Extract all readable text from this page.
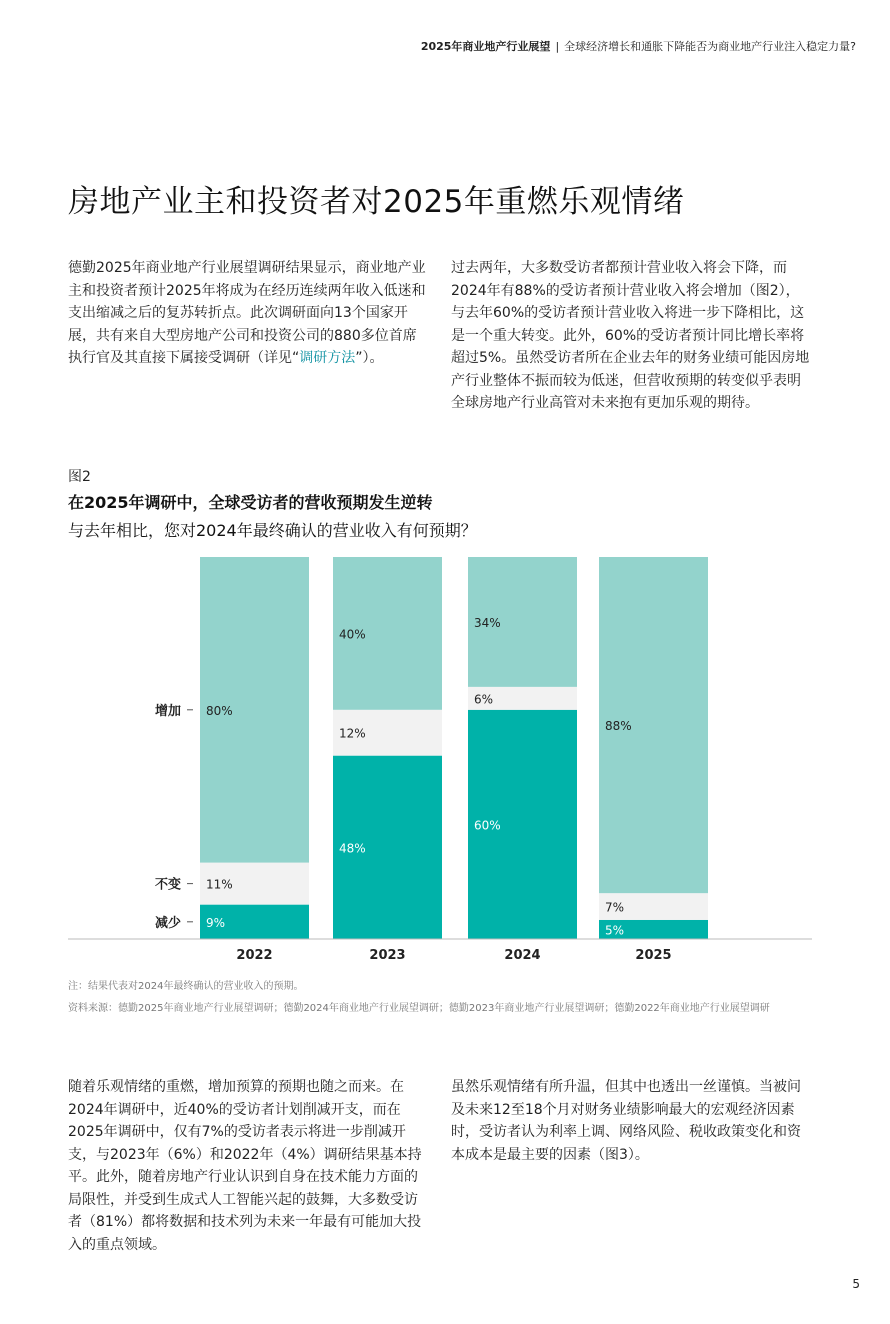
2025年商业地产行业展望 | 全球经济增长和通胀下降能否为商业地产行业注入稳定力量?
房地产业主和投资者对2025年重燃乐观情绪

德勤2025年商业地产行业展望调研结果显示，商业地产业主和投资者预计2025年将成为在经历连续两年收入低迷和支出缩减之后的复苏转折点。此次调研面向13个国家开展，共有来自大型房地产公司和投资公司的880多位首席执行官及其直接下属接受调研（详见“调研方法”）。

过去两年，大多数受访者都预计营业收入将会下降，而2024年有88%的受访者预计营业收入将会增加（图2），与去年60%的受访者预计营业收入将进一步下降相比，这是一个重大转变。此外，60%的受访者预计同比增长率将超过5%。虽然受访者所在企业去年的财务业绩可能因房地产行业整体不振而较为低迷，但营收预期的转变似乎表明全球房地产行业高管对未来抱有更加乐观的期待。

图2
在2025年调研中，全球受访者的营收预期发生逆转
与去年相比，您对2024年最终确认的营业收入有何预期？
9%
11%
80%
2022
48%
12%
40%
2023
60%
6%
34%
2024
5%
7%
88%
2025
增加
不变
减少
注：结果代表对2024年最终确认的营业收入的预期。
资料来源：德勤2025年商业地产行业展望调研；德勤2024年商业地产行业展望调研；德勤2023年商业地产行业展望调研；德勤2022年商业地产行业展望调研

随着乐观情绪的重燃，增加预算的预期也随之而来。在2024年调研中，近40%的受访者计划削减开支，而在2025年调研中，仅有7%的受访者表示将进一步削减开支，与2023年（6%）和2022年（4%）调研结果基本持平。此外，随着房地产行业认识到自身在技术能力方面的局限性，并受到生成式人工智能兴起的鼓舞，大多数受访者（81%）都将数据和技术列为未来一年最有可能加大投入的重点领域。

虽然乐观情绪有所升温，但其中也透出一丝谨慎。当被问及未来12至18个月对财务业绩影响最大的宏观经济因素时，受访者认为利率上调、网络风险、税收政策变化和资本成本是最主要的因素（图3）。

5
